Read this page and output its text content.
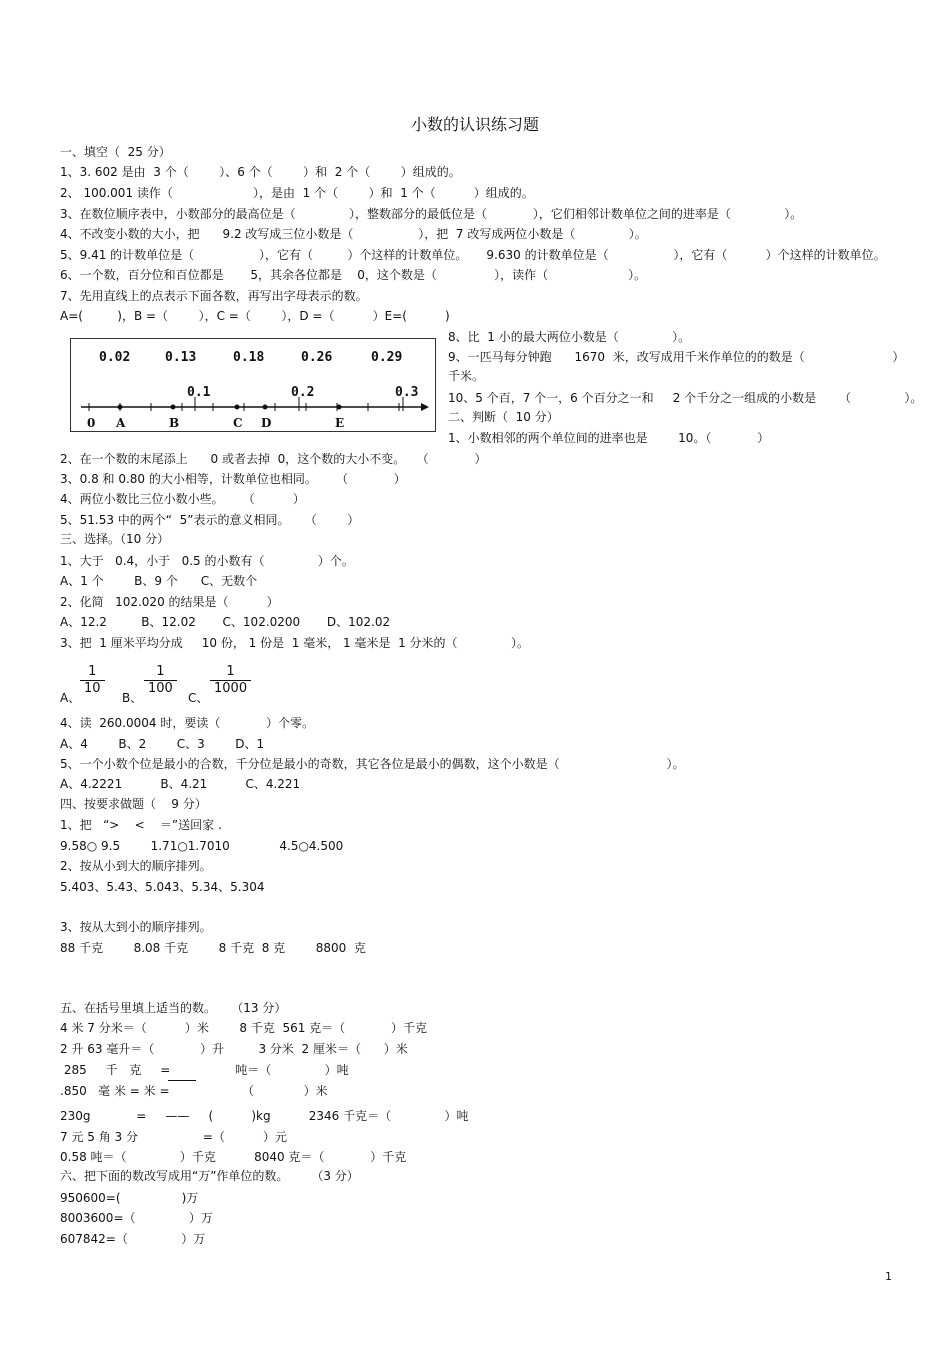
小数的认识练习题
一、填空（  25 分）
1、3. 602 是由  3 个（        ）、6 个（        ）和  2 个（        ）组成的。
2、 100.001 读作（                     ），是由  1 个（        ）和  1 个（          ）组成的。
3、在数位顺序表中，小数部分的最高位是（              ），整数部分的最低位是（            ），它们相邻计数单位之间的进率是（              ）。
4、不改变小数的大小，把      9.2 改写成三位小数是（                 ），把  7 改写成两位小数是（              ）。
5、9.41 的计数单位是（                 ），它有（         ）个这样的计数单位。     9.630 的计数单位是（                 ），它有（          ）个这样的计数单位。
6、一个数，百分位和百位都是       5，其余各位都是    0，这个数是（               ），读作（                     ）。
7、先用直线上的点表示下面各数，再写出字母表示的数。
A=(         )，B =（        ），C =（        ），D =（          ）E=(          )
0.02	0.13	0.18	0.26	0.29
0.1	0.2	0.3
0 A	B	C D	E
8、比  1 小的最大两位小数是（              ）。
9、一匹马每分钟跑      1670  米，改写成用千米作单位的的数是（                       ）
千米。
10、5 个百，7 个一，6 个百分之一和     2 个千分之一组成的小数是      （              ）。
二、判断（  10 分）
1、小数相邻的两个单位间的进率也是        10。（            ）
2、在一个数的末尾添上      0 或者去掉  0，这个数的大小不变。   （            ）
3、0.8 和 0.80 的大小相等，计数单位也相同。     （            ）
4、两位小数比三位小数小些。     （          ）
5、51.53 中的两个“  5”表示的意义相同。    （        ）
三、选择。（10 分）
1、大于   0.4，小于   0.5 的小数有（              ）个。
A、1 个        B、9 个      C、无数个
2、化简   102.020 的结果是（          ）
A、12.2         B、12.02       C、102.0200       D、102.02
3、把  1 厘米平均分成     10 份， 1 份是  1 毫米， 1 毫米是  1 分米的（              ）。
A、
$\frac{1}{10}$
B、
$\frac{1}{100}$
C、
$\frac{1}{1000}$
4、读  260.0004 时，要读（            ）个零。
A、4        B、2        C、3        D、1
5、一个小数个位是最小的合数，千分位是最小的奇数，其它各位是最小的偶数，这个小数是（                            ）。
A、4.2221          B、4.21          C、4.221
四、按要求做题（    9 分）
1、把   “>    <    ＝”送回家 .
9.58○ 9.5        1.71○1.7010             4.5○4.500
2、按从小到大的顺序排列。
5.403、5.43、5.043、5.34、5.304
3、按从大到小的顺序排列。
88 千克        8.08 千克        8 千克  8 克        8800  克
五、在括号里填上适当的数。    （13 分）
4 米 7 分米＝（          ）米        8 千克  561 克＝（            ）千克
2 升 63 毫升＝（            ）升         3 分米  2 厘米＝（      ）米
285     千   克     =                 吨＝（              ）吨
.850   毫 米 = 米 =                   （             ）米
230g            =     ——     (          )kg          2346 千克＝（              ）吨
7 元 5 角 3 分                 =（          ）元
0.58 吨＝（              ）千克          8040 克＝（            ）千克
六、把下面的数改写成用“万”作单位的数。      （3 分）
950600=(                )万
8003600=（              ）万
607842=（              ）万
1
